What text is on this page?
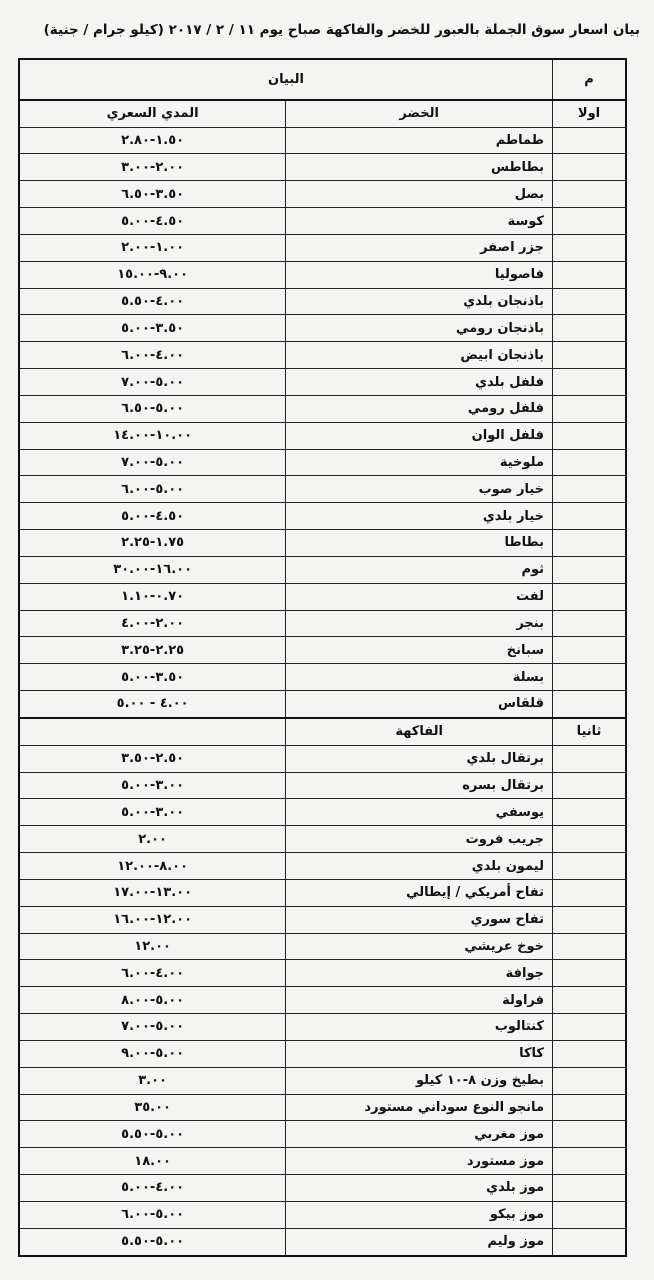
بيان اسعار سوق الجملة بالعبور للخضر والفاكهة صباح يوم ١١ / ٢ / ٢٠١٧ (كيلو جرام / جنية)
م	البيان	
اولا	الخضر	المدي السعري
	طماطم	١.٥٠-٢.٨٠
	بطاطس	٢.٠٠-٣.٠٠
	بصل	٣.٥٠-٦.٥٠
	كوسة	٤.٥٠-٥.٠٠
	جزر اصفر	١.٠٠-٢.٠٠
	فاصوليا	٩.٠٠-١٥.٠٠
	باذنجان بلدي	٤.٠٠-٥.٥٠
	باذنجان رومي	٣.٥٠-٥.٠٠
	باذنجان ابيض	٤.٠٠-٦.٠٠
	فلفل بلدي	٥.٠٠-٧.٠٠
	فلفل رومي	٥.٠٠-٦.٥٠
	فلفل الوان	١٠.٠٠-١٤.٠٠
	ملوخية	٥.٠٠-٧.٠٠
	خيار صوب	٥.٠٠-٦.٠٠
	خيار بلدي	٤.٥٠-٥.٠٠
	بطاطا	١.٧٥-٢.٢٥
	ثوم	١٦.٠٠-٣٠.٠٠
	لفت	٠.٧٠-١.١٠
	بنجر	٢.٠٠-٤.٠٠
	سبانخ	٢.٢٥-٣.٢٥
	بسلة	٣.٥٠-٥.٠٠
	قلقاس	٤.٠٠ - ٥.٠٠
ثانيا	الفاكهة	
	برتقال بلدي	٢.٥٠-٣.٥٠
	برتقال بسره	٣.٠٠-٥.٠٠
	يوسفي	٣.٠٠-٥.٠٠
	جريب فروت	٢.٠٠
	ليمون بلدي	٨.٠٠-١٢.٠٠
	تفاح أمريكي / إيطالي	١٣.٠٠-١٧.٠٠
	تفاح سوري	١٢.٠٠-١٦.٠٠
	خوخ عريشي	١٢.٠٠
	جوافة	٤.٠٠-٦.٠٠
	فراولة	٥.٠٠-٨.٠٠
	كنتالوب	٥.٠٠-٧.٠٠
	كاكا	٥.٠٠-٩.٠٠
	بطيخ وزن ٨-١٠ كيلو	٣.٠٠
	مانجو النوع سوداني مستورد	٣٥.٠٠
	موز مغربي	٥.٠٠-٥.٥٠
	موز مستورد	١٨.٠٠
	موز بلدي	٤.٠٠-٥.٠٠
	موز بيكو	٥.٠٠-٦.٠٠
	موز وليم	٥.٠٠-٥.٥٠
